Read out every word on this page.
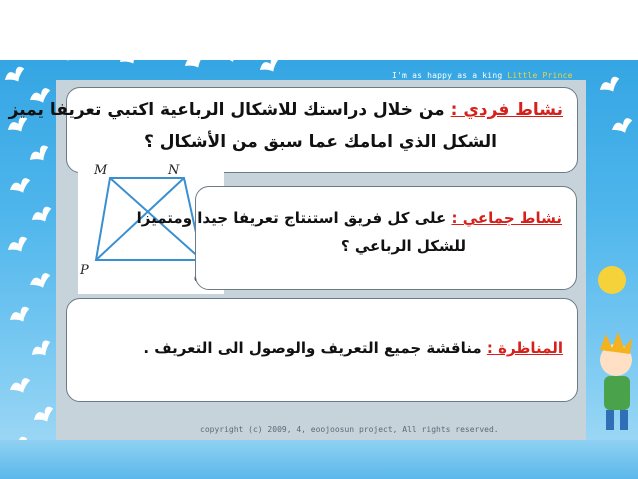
I'm as happy as a king Little Prince
نشاط فردي : من خلال دراستك للاشكال الرباعية اكتبي تعريفا يميز
الشكل الذي امامك عما سبق من الأشكال ؟
M	N
P
نشاط جماعي : على كل فريق استنتاج تعريفا جيدا ومتميزا
للشكل الرباعي ؟
المناظرة : مناقشة جميع التعريف والوصول الى التعريف .
copyright (c) 2009, 4, eoojoosun project, All rights reserved.
